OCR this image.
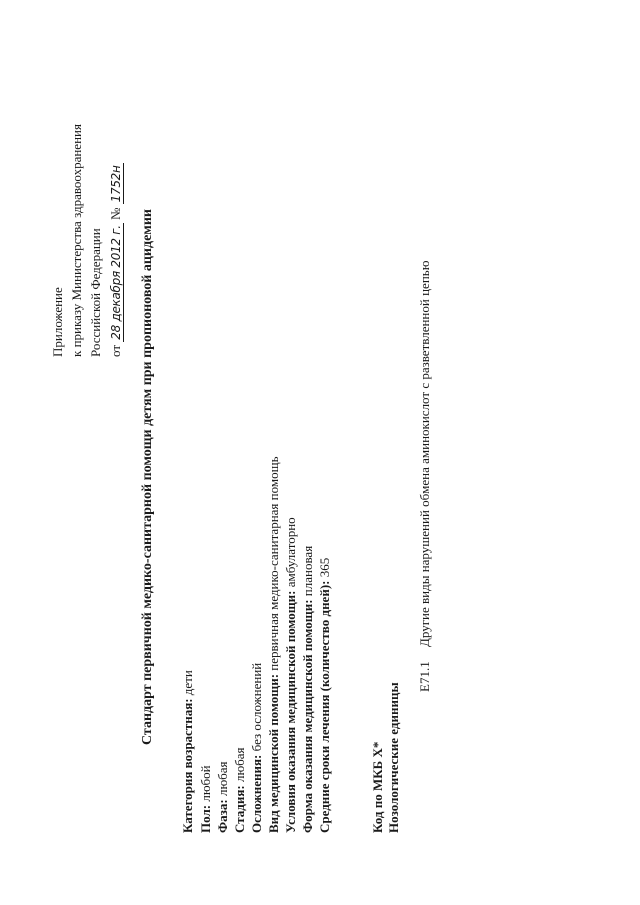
Приложение к приказу Министерства здравоохранения Российской Федерации от 28 декабря 2012 г. № 1752н
Стандарт первичной медико-санитарной помощи детям при пропионовой ацидемии
Категория возрастная: дети
Пол: любой
Фаза: любая
Стадия: любая Осложнения: без осложнений Вид медицинской помощи: первичная медико-санитарная помощь
Условия оказания медицинской помощи: амбулаторно
Форма оказания медицинской помощи: плановая
Средние сроки лечения (количество дней): 365
Код по МКБ X* Нозологические единицы
E71.1Другие виды нарушений обмена аминокислот с разветвленной цепью
